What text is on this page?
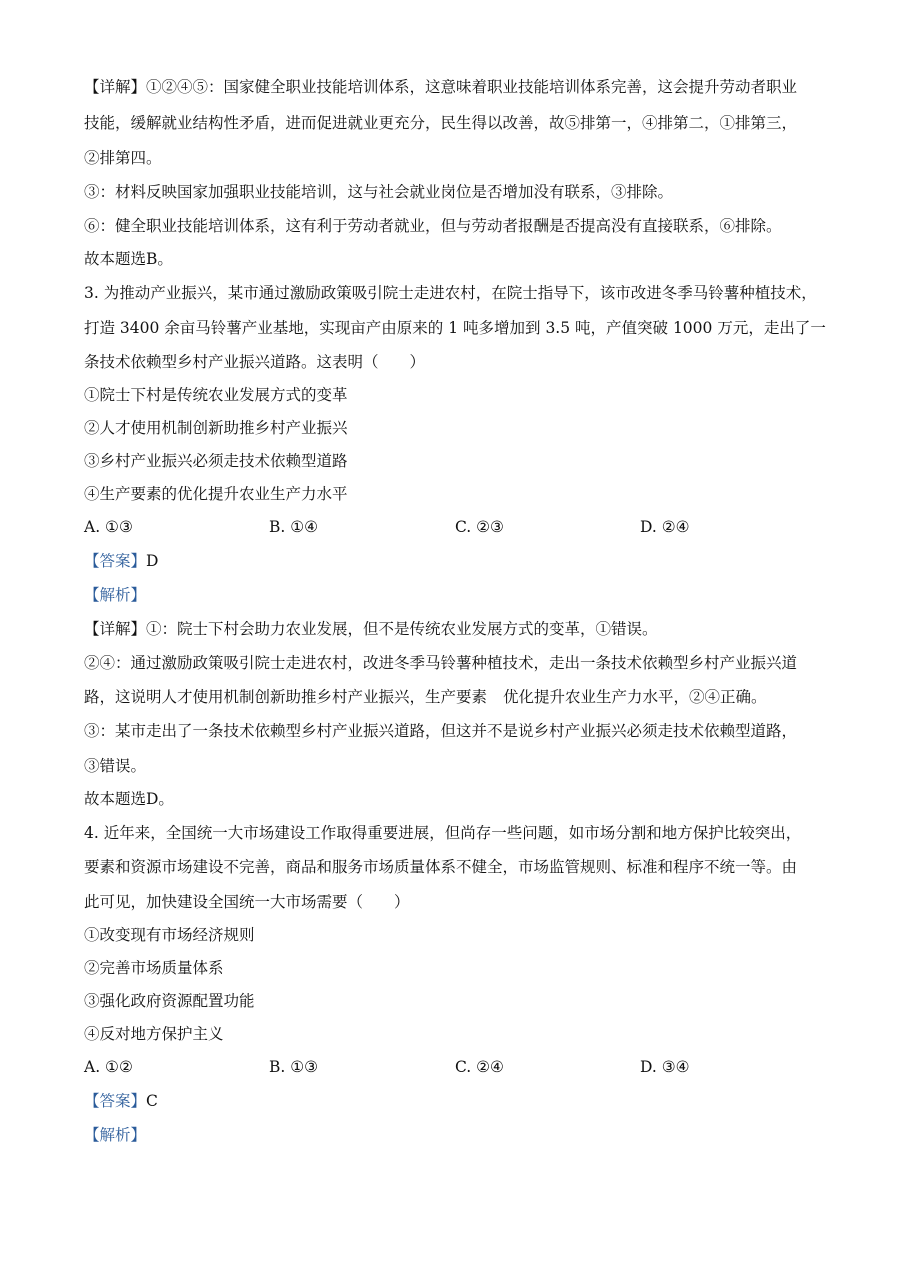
【详解】①②④⑤：国家健全职业技能培训体系，这意味着职业技能培训体系完善，这会提升劳动者职业
技能，缓解就业结构性矛盾，进而促进就业更充分，民生得以改善，故⑤排第一，④排第二，①排第三，
②排第四。
③：材料反映国家加强职业技能培训，这与社会就业岗位是否增加没有联系，③排除。
⑥：健全职业技能培训体系，这有利于劳动者就业，但与劳动者报酬是否提高没有直接联系，⑥排除。
故本题选B。
3. 为推动产业振兴，某市通过激励政策吸引院士走进农村，在院士指导下，该市改进冬季马铃薯种植技术，
打造 3400 余亩马铃薯产业基地，实现亩产由原来的 1 吨多增加到 3.5 吨，产值突破 1000 万元，走出了一
条技术依赖型乡村产业振兴道路。这表明（　　）
①院士下村是传统农业发展方式的变革
②人才使用机制创新助推乡村产业振兴
③乡村产业振兴必须走技术依赖型道路
④生产要素的优化提升农业生产力水平
A. ①③	B. ①④	C. ②③	D. ②④
【答案】D
【解析】
【详解】①：院士下村会助力农业发展，但不是传统农业发展方式的变革，①错误。
②④：通过激励政策吸引院士走进农村，改进冬季马铃薯种植技术，走出一条技术依赖型乡村产业振兴道
路，这说明人才使用机制创新助推乡村产业振兴，生产要素 优化提升农业生产力水平，②④正确。
③：某市走出了一条技术依赖型乡村产业振兴道路，但这并不是说乡村产业振兴必须走技术依赖型道路，
③错误。
故本题选D。
4. 近年来，全国统一大市场建设工作取得重要进展，但尚存一些问题，如市场分割和地方保护比较突出，
要素和资源市场建设不完善，商品和服务市场质量体系不健全，市场监管规则、标准和程序不统一等。由
此可见，加快建设全国统一大市场需要（　　）
①改变现有市场经济规则
②完善市场质量体系
③强化政府资源配置功能
④反对地方保护主义
A. ①②	B. ①③	C. ②④	D. ③④
【答案】C
【解析】
